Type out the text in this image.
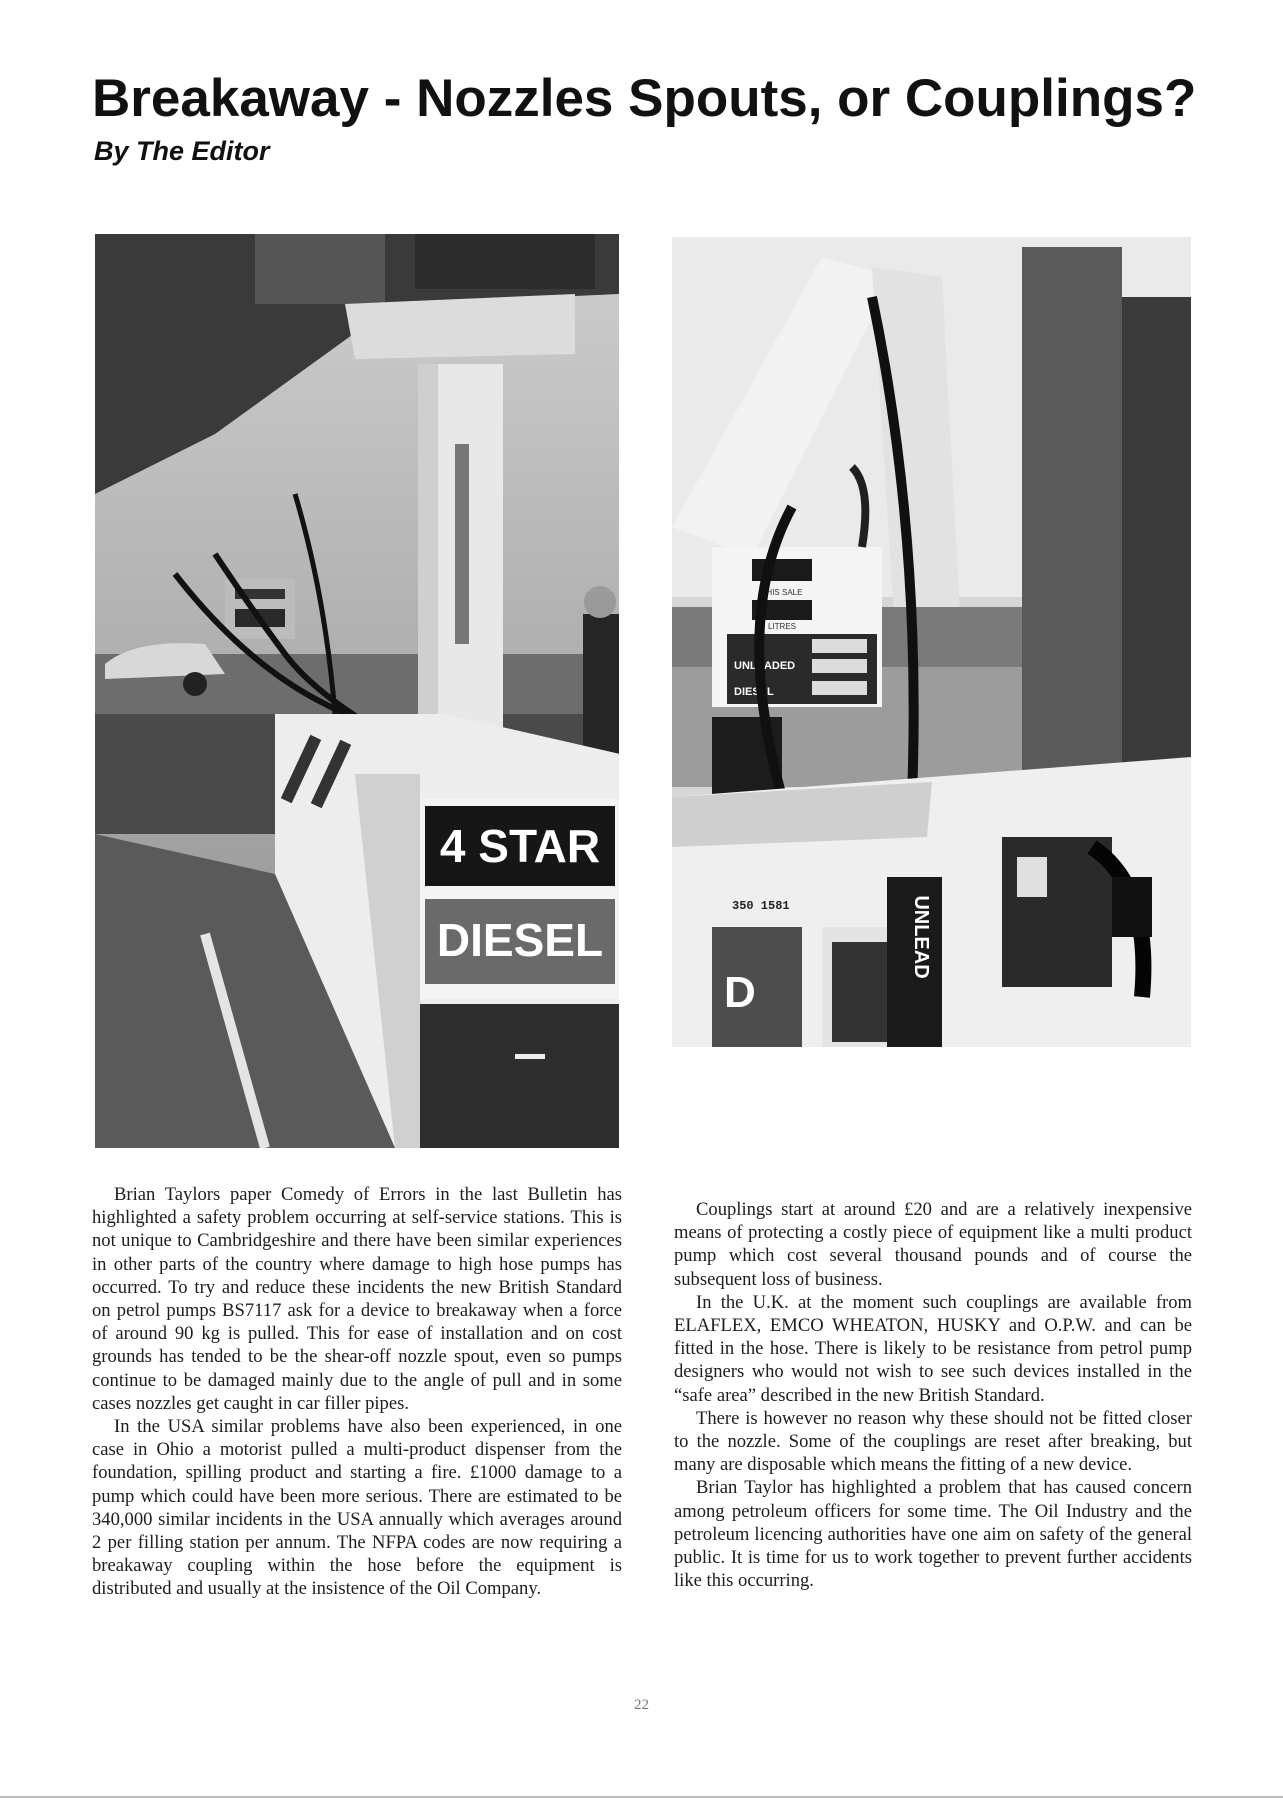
Breakaway - Nozzles Spouts, or Couplings?
By The Editor
4 STAR
DIESEL
THIS SALE
LITRES
UNLEADED
DIESEL
D
350 1581	UNLEAD

Brian Taylors paper Comedy of Errors in the last Bulletin has highlighted a safety problem occurring at self-service stations. This is not unique to Cambridgeshire and there have been similar experiences in other parts of the country where damage to high hose pumps has occurred. To try and reduce these incidents the new British Standard on petrol pumps BS7117 ask for a device to breakaway when a force of around 90 kg is pulled. This for ease of installation and on cost grounds has tended to be the shear-off nozzle spout, even so pumps continue to be damaged mainly due to the angle of pull and in some cases nozzles get caught in car filler pipes.

In the USA similar problems have also been experienced, in one case in Ohio a motorist pulled a multi-product dispenser from the foundation, spilling product and starting a fire. £1000 damage to a pump which could have been more serious. There are estimated to be 340,000 similar incidents in the USA annually which averages around 2 per filling station per annum. The NFPA codes are now requiring a breakaway coupling within the hose before the equipment is distributed and usually at the insistence of the Oil Company.

Couplings start at around £20 and are a relatively inexpensive means of protecting a costly piece of equipment like a multi product pump which cost several thousand pounds and of course the subsequent loss of business.

In the U.K. at the moment such couplings are available from ELAFLEX, EMCO WHEATON, HUSKY and O.P.W. and can be fitted in the hose. There is likely to be resistance from petrol pump designers who would not wish to see such devices installed in the “safe area” described in the new British Standard.

There is however no reason why these should not be fitted closer to the nozzle. Some of the couplings are reset after breaking, but many are disposable which means the fitting of a new device.

Brian Taylor has highlighted a problem that has caused concern among petroleum officers for some time. The Oil Industry and the petroleum licencing authorities have one aim on safety of the general public. It is time for us to work together to prevent further accidents like this occurring.

22
